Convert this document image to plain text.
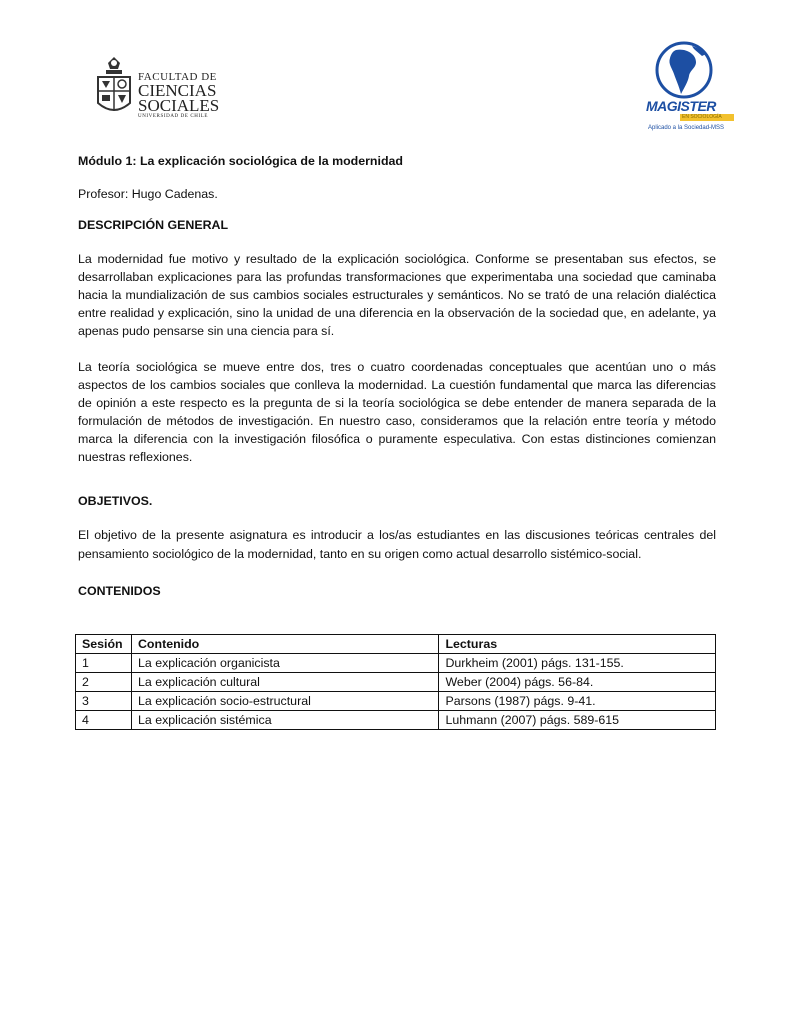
FACULTAD DE
CIENCIAS
SOCIALES
UNIVERSIDAD DE CHILE
MAGISTER
EN SOCIOLOGÍA
Aplicado a la Sociedad-MSS

Módulo 1: La explicación sociológica de la modernidad

Profesor: Hugo Cadenas.

DESCRIPCIÓN GENERAL

La modernidad fue motivo y resultado de la explicación sociológica. Conforme se presentaban sus efectos, se desarrollaban explicaciones para las profundas transformaciones que experimentaba una sociedad que caminaba hacia la mundialización de sus cambios sociales estructurales y semánticos. No se trató de una relación dialéctica entre realidad y explicación, sino la unidad de una diferencia en la observación de la sociedad que, en adelante, ya apenas pudo pensarse sin una ciencia para sí.

La teoría sociológica se mueve entre dos, tres o cuatro coordenadas conceptuales que acentúan uno o más aspectos de los cambios sociales que conlleva la modernidad. La cuestión fundamental que marca las diferencias de opinión a este respecto es la pregunta de si la teoría sociológica se debe entender de manera separada de la formulación de métodos de investigación. En nuestro caso, consideramos que la relación entre teoría y método marca la diferencia con la investigación filosófica o puramente especulativa. Con estas distinciones comienzan nuestras reflexiones.

OBJETIVOS.

El objetivo de la presente asignatura es introducir a los/as estudiantes en las discusiones teóricas centrales del pensamiento sociológico de la modernidad, tanto en su origen como actual desarrollo sistémico-social.

CONTENIDOS

Sesión	Contenido	Lecturas
1	La explicación organicista	Durkheim (2001) págs. 131-155.
2	La explicación cultural	Weber (2004) págs. 56-84.
3	La explicación socio-estructural	Parsons (1987) págs. 9-41.
4	La explicación sistémica	Luhmann (2007) págs. 589-615
